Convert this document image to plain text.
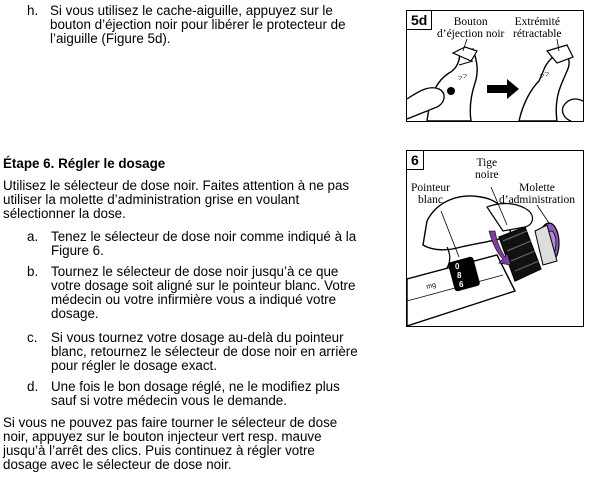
h. Si vous utilisez le cache-aiguille, appuyez sur le
bouton d’éjection noir pour libérer le protecteur de
l’aiguille (Figure 5d).
>>	>>
5d	Bouton
d’éjection noir
Extrémité
rétractable
Étape 6. Régler le dosage
Utilisez le sélecteur de dose noir. Faites attention à ne pas
utiliser la molette d’administration grise en voulant
sélectionner la dose.
a. Tenez le sélecteur de dose noir comme indiqué à la
Figure 6.
b. Tournez le sélecteur de dose noir jusqu’à ce que
votre dosage soit aligné sur le pointeur blanc. Votre
médecin ou votre infirmière vous a indiqué votre
dosage.
c. Si vous tournez votre dosage au-delà du pointeur
blanc, retournez le sélecteur de dose noir en arrière
pour régler le dosage exact.
d. Une fois le bon dosage réglé, ne le modifiez plus
sauf si votre médecin vous le demande.
Si vous ne pouvez pas faire tourner le sélecteur de dose
noir, appuyez sur le bouton injecteur vert resp. mauve
jusqu’à l’arrêt des clics. Puis continuez à régler votre
dosage avec le sélecteur de dose noir.
mg
0
8
6
6
Pointeur
blanc
Tige
noire
Molette
d’administration
